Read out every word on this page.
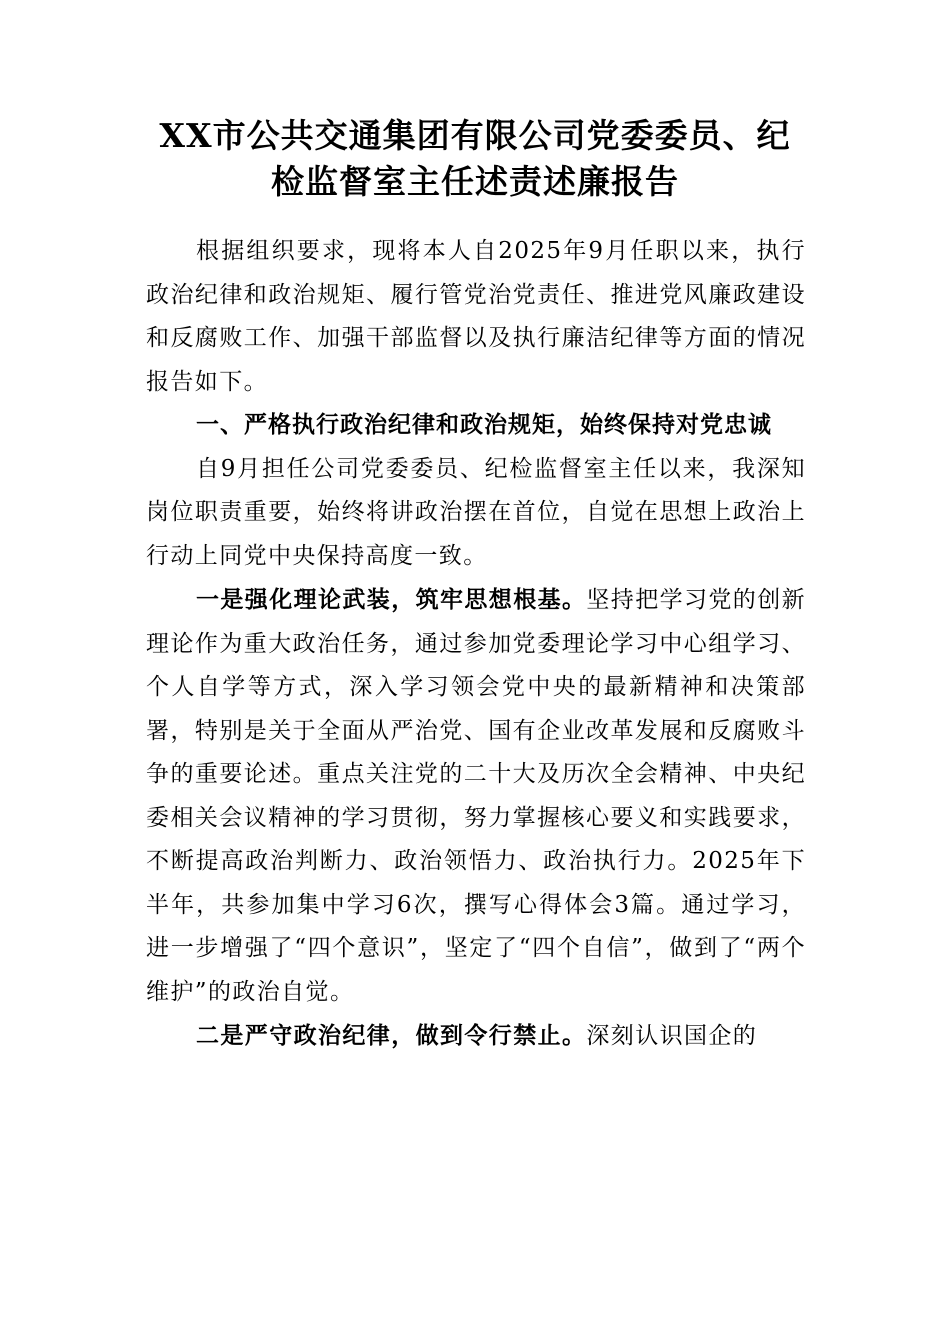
XX市公共交通集团有限公司党委委员、纪
检监督室主任述责述廉报告

根据组织要求，现将本人自2025年9月任职以来，执行政治纪律和政治规矩、履行管党治党责任、推进党风廉政建设和反腐败工作、加强干部监督以及执行廉洁纪律等方面的情况报告如下。

一、严格执行政治纪律和政治规矩，始终保持对党忠诚

自9月担任公司党委委员、纪检监督室主任以来，我深知岗位职责重要，始终将讲政治摆在首位，自觉在思想上政治上行动上同党中央保持高度一致。

一是强化理论武装，筑牢思想根基。坚持把学习党的创新理论作为重大政治任务，通过参加党委理论学习中心组学习、个人自学等方式，深入学习领会党中央的最新精神和决策部署，特别是关于全面从严治党、国有企业改革发展和反腐败斗争的重要论述。重点关注党的二十大及历次全会精神、中央纪委相关会议精神的学习贯彻，努力掌握核心要义和实践要求，不断提高政治判断力、政治领悟力、政治执行力。2025年下半年，共参加集中学习6次，撰写心得体会3篇。通过学习，进一步增强了“四个意识”，坚定了“四个自信”，做到了“两个维护”的政治自觉。

二是严守政治纪律，做到令行禁止。深刻认识国企的
